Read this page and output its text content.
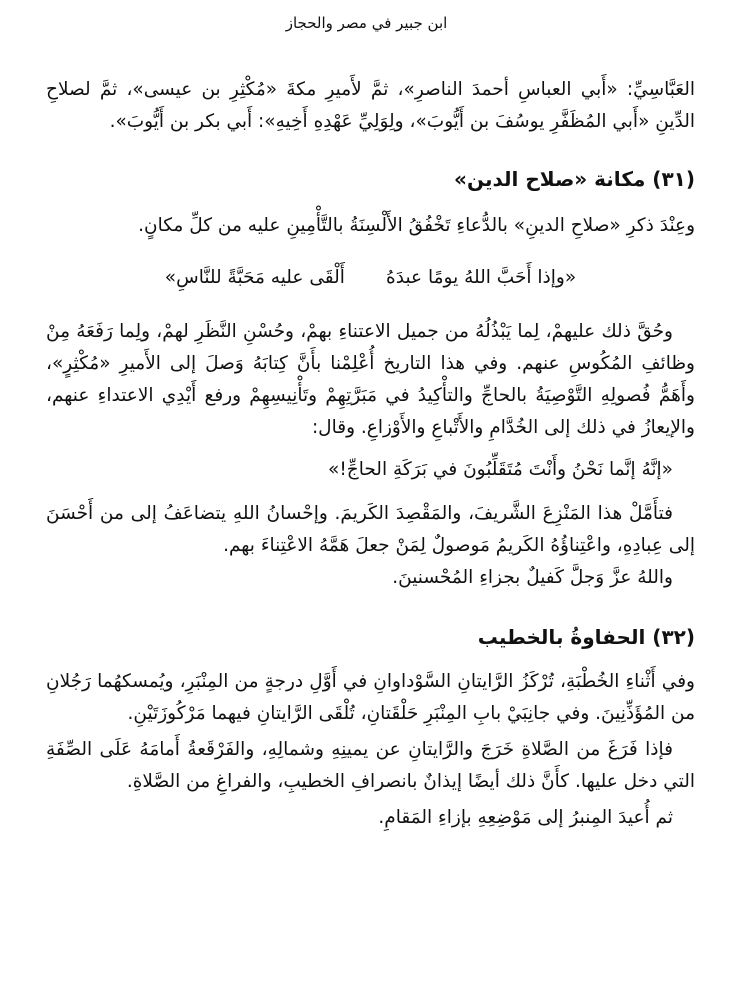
ابن جبير في مصر والحجاز

العَبَّاسِيِّ: «أَبي العباسِ أحمدَ الناصرِ»، ثمَّ لأَميرِ مكةَ «مُكْثِرِ بن عيسى»، ثمَّ لصلاحِ الدِّينِ «أَبي المُظَفَّرِ يوسُفَ بن أَيُّوبَ»، ولِوَلِيِّ عَهْدِهِ أَخِيهِ»: أَبي بكر بن أَيُّوبَ».

(٣١) مكانة «صلاح الدين»

وعِنْدَ ذكرِ «صلاحِ الدينِ» بالدُّعاءِ تَخْفُقُ الأَلْسِنَةُ بالتَّأْمِينِ عليه من كلِّ مكانٍ.

«وإذا أَحَبَّ اللهُ يومًا عبدَهُ       أَلْقَى عليه مَحَبَّةً للنَّاسِ»

وحُقَّ ذلك عليهمْ، لِما يَبْذُلُهُ من جميل الاعتناءِ بهمْ، وحُسْنِ النَّظَرِ لهمْ، ولِما رَفَعَهُ مِنْ وظائفِ المُكُوسِ عنهم. وفي هذا التاريخ أُعْلِمْنا بأَنَّ كِتابَهُ وَصلَ إلى الأَميرِ «مُكْثِرٍ»، وأَهَمُّ فُصولِهِ التَّوْصِيَةُ بالحاجِّ والتأْكِيدُ في مَبَرَّتِهِمْ وتَأْنِيسِهِمْ ورفع أَيْدِي الاعتداءِ عنهم، والإيعازُ في ذلك إلى الخُدَّامِ والأَتْباعِ والأَوْزاعِ. وقال:

«إنَّهُ إنَّما نَحْنُ وأَنْتَ مُتَقَلِّبُونَ في بَرَكَةِ الحاجِّ!»

فتأَمَّلْ هذا المَنْزِعَ الشَّريفَ، والمَقْصِدَ الكَريمَ. وإحْسانُ اللهِ يتضاعَفُ إلى من أَحْسَنَ إلى عِبادِهِ، واعْتِناؤُهُ الكَريمُ مَوصولٌ لِمَنْ جعلَ هَمَّهُ الاعْتِناءَ بهم.

واللهُ عزَّ وَجلَّ كَفيلٌ بجزاءِ المُحْسنينَ.

(٣٢) الحفاوةُ بالخطيب

وفي أَثْناءِ الخُطْبَةِ، تُرْكَزُ الرَّايتانِ السَّوْداوانِ في أَوَّلِ درجةٍ من المِنْبَرِ، ويُمسكهُما رَجُلانِ من المُؤَذِّنِينَ. وفي جانِبَيْ بابِ المِنْبَرِ حَلْقَتانِ، تُلْقَى الرَّايتانِ فيهما مَرْكُوزَتَيْنِ.

فإذا فَرَغَ من الصَّلاةِ خَرَجَ والرَّايتانِ عن يمينِهِ وشمالِهِ، والفَرْقَعةُ أَمامَهُ عَلَى الصِّفَةِ التي دخل عليها. كأَنَّ ذلك أيضًا إيذانٌ بانصرافِ الخطيبِ، والفراغِ من الصَّلاةِ.

ثم أُعيدَ المِنبرُ إلى مَوْضِعِهِ بإزاءِ المَقامِ.
